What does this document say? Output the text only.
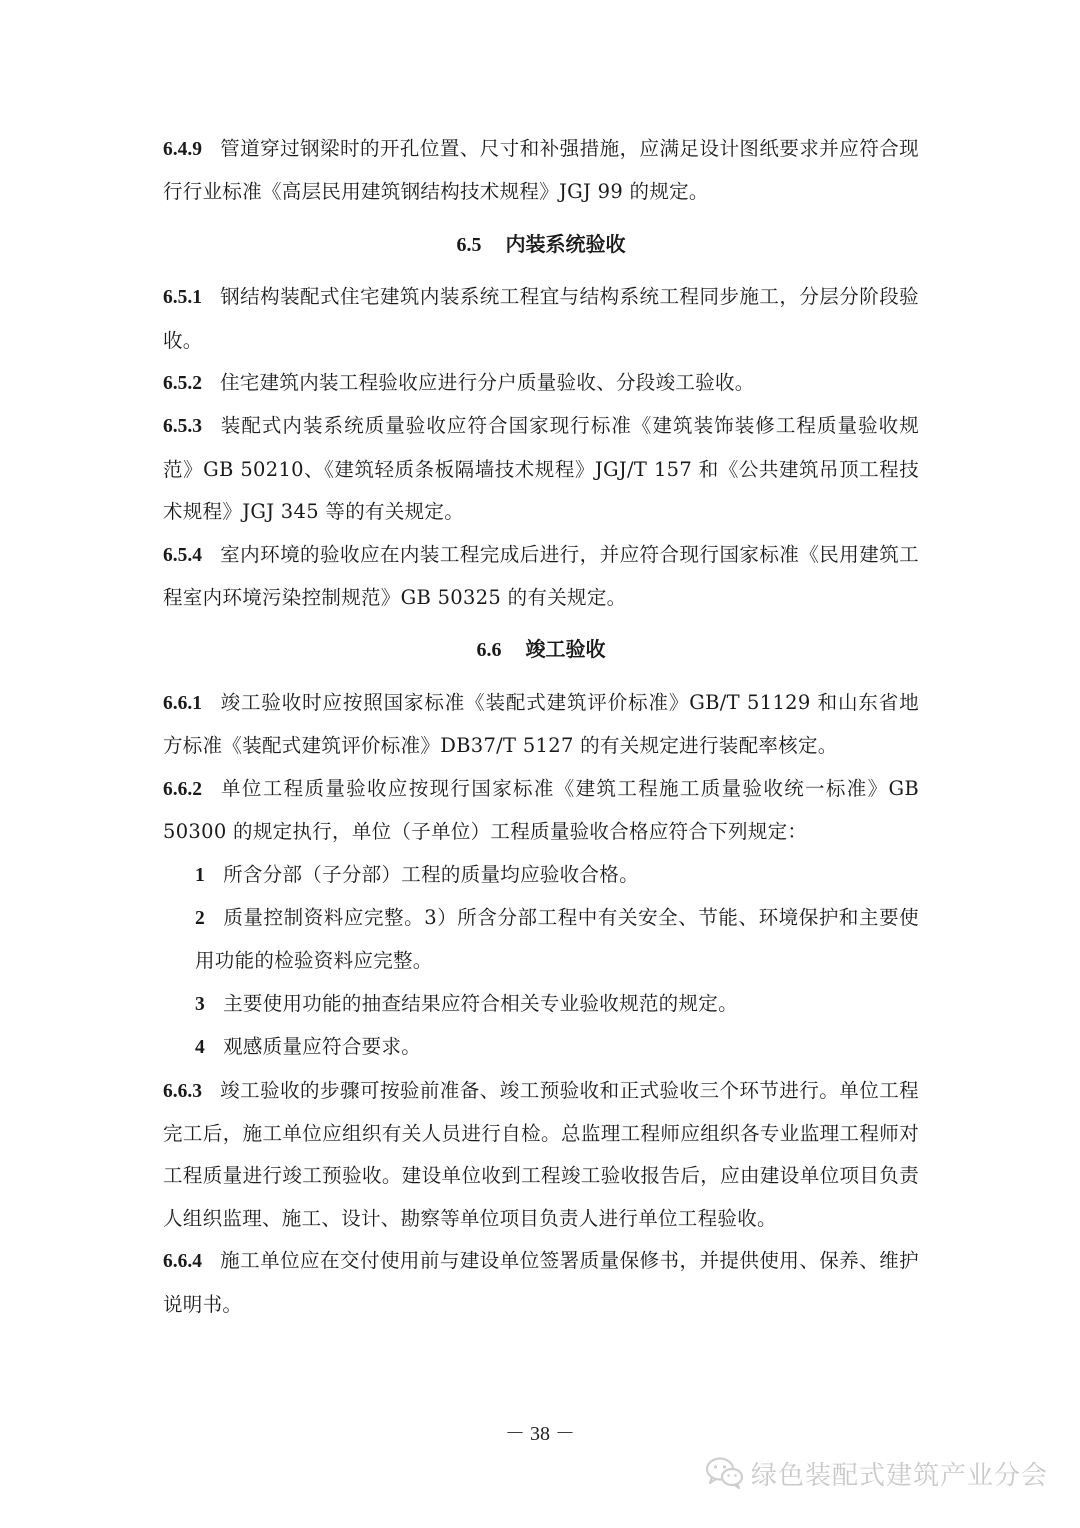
6.4.9 管道穿过钢梁时的开孔位置、尺寸和补强措施，应满足设计图纸要求并应符合现行行业标准《高层民用建筑钢结构技术规程》JGJ 99 的规定。

6.5 内装系统验收

6.5.1 钢结构装配式住宅建筑内装系统工程宜与结构系统工程同步施工，分层分阶段验收。

6.5.2 住宅建筑内装工程验收应进行分户质量验收、分段竣工验收。

6.5.3 装配式内装系统质量验收应符合国家现行标准《建筑装饰装修工程质量验收规范》GB 50210、《建筑轻质条板隔墙技术规程》JGJ/T 157 和《公共建筑吊顶工程技术规程》JGJ 345 等的有关规定。

6.5.4 室内环境的验收应在内装工程完成后进行，并应符合现行国家标准《民用建筑工程室内环境污染控制规范》GB 50325 的有关规定。

6.6 竣工验收

6.6.1 竣工验收时应按照国家标准《装配式建筑评价标准》GB/T 51129 和山东省地方标准《装配式建筑评价标准》DB37/T 5127 的有关规定进行装配率核定。

6.6.2 单位工程质量验收应按现行国家标准《建筑工程施工质量验收统一标准》GB 50300 的规定执行，单位（子单位）工程质量验收合格应符合下列规定：

1 所含分部（子分部）工程的质量均应验收合格。

2 质量控制资料应完整。3）所含分部工程中有关安全、节能、环境保护和主要使用功能的检验资料应完整。

3 主要使用功能的抽查结果应符合相关专业验收规范的规定。

4 观感质量应符合要求。

6.6.3 竣工验收的步骤可按验前准备、竣工预验收和正式验收三个环节进行。单位工程完工后，施工单位应组织有关人员进行自检。总监理工程师应组织各专业监理工程师对工程质量进行竣工预验收。建设单位收到工程竣工验收报告后，应由建设单位项目负责人组织监理、施工、设计、勘察等单位项目负责人进行单位工程验收。

6.6.4 施工单位应在交付使用前与建设单位签署质量保修书，并提供使用、保养、维护说明书。

－ 38 －
绿色装配式建筑产业分会
